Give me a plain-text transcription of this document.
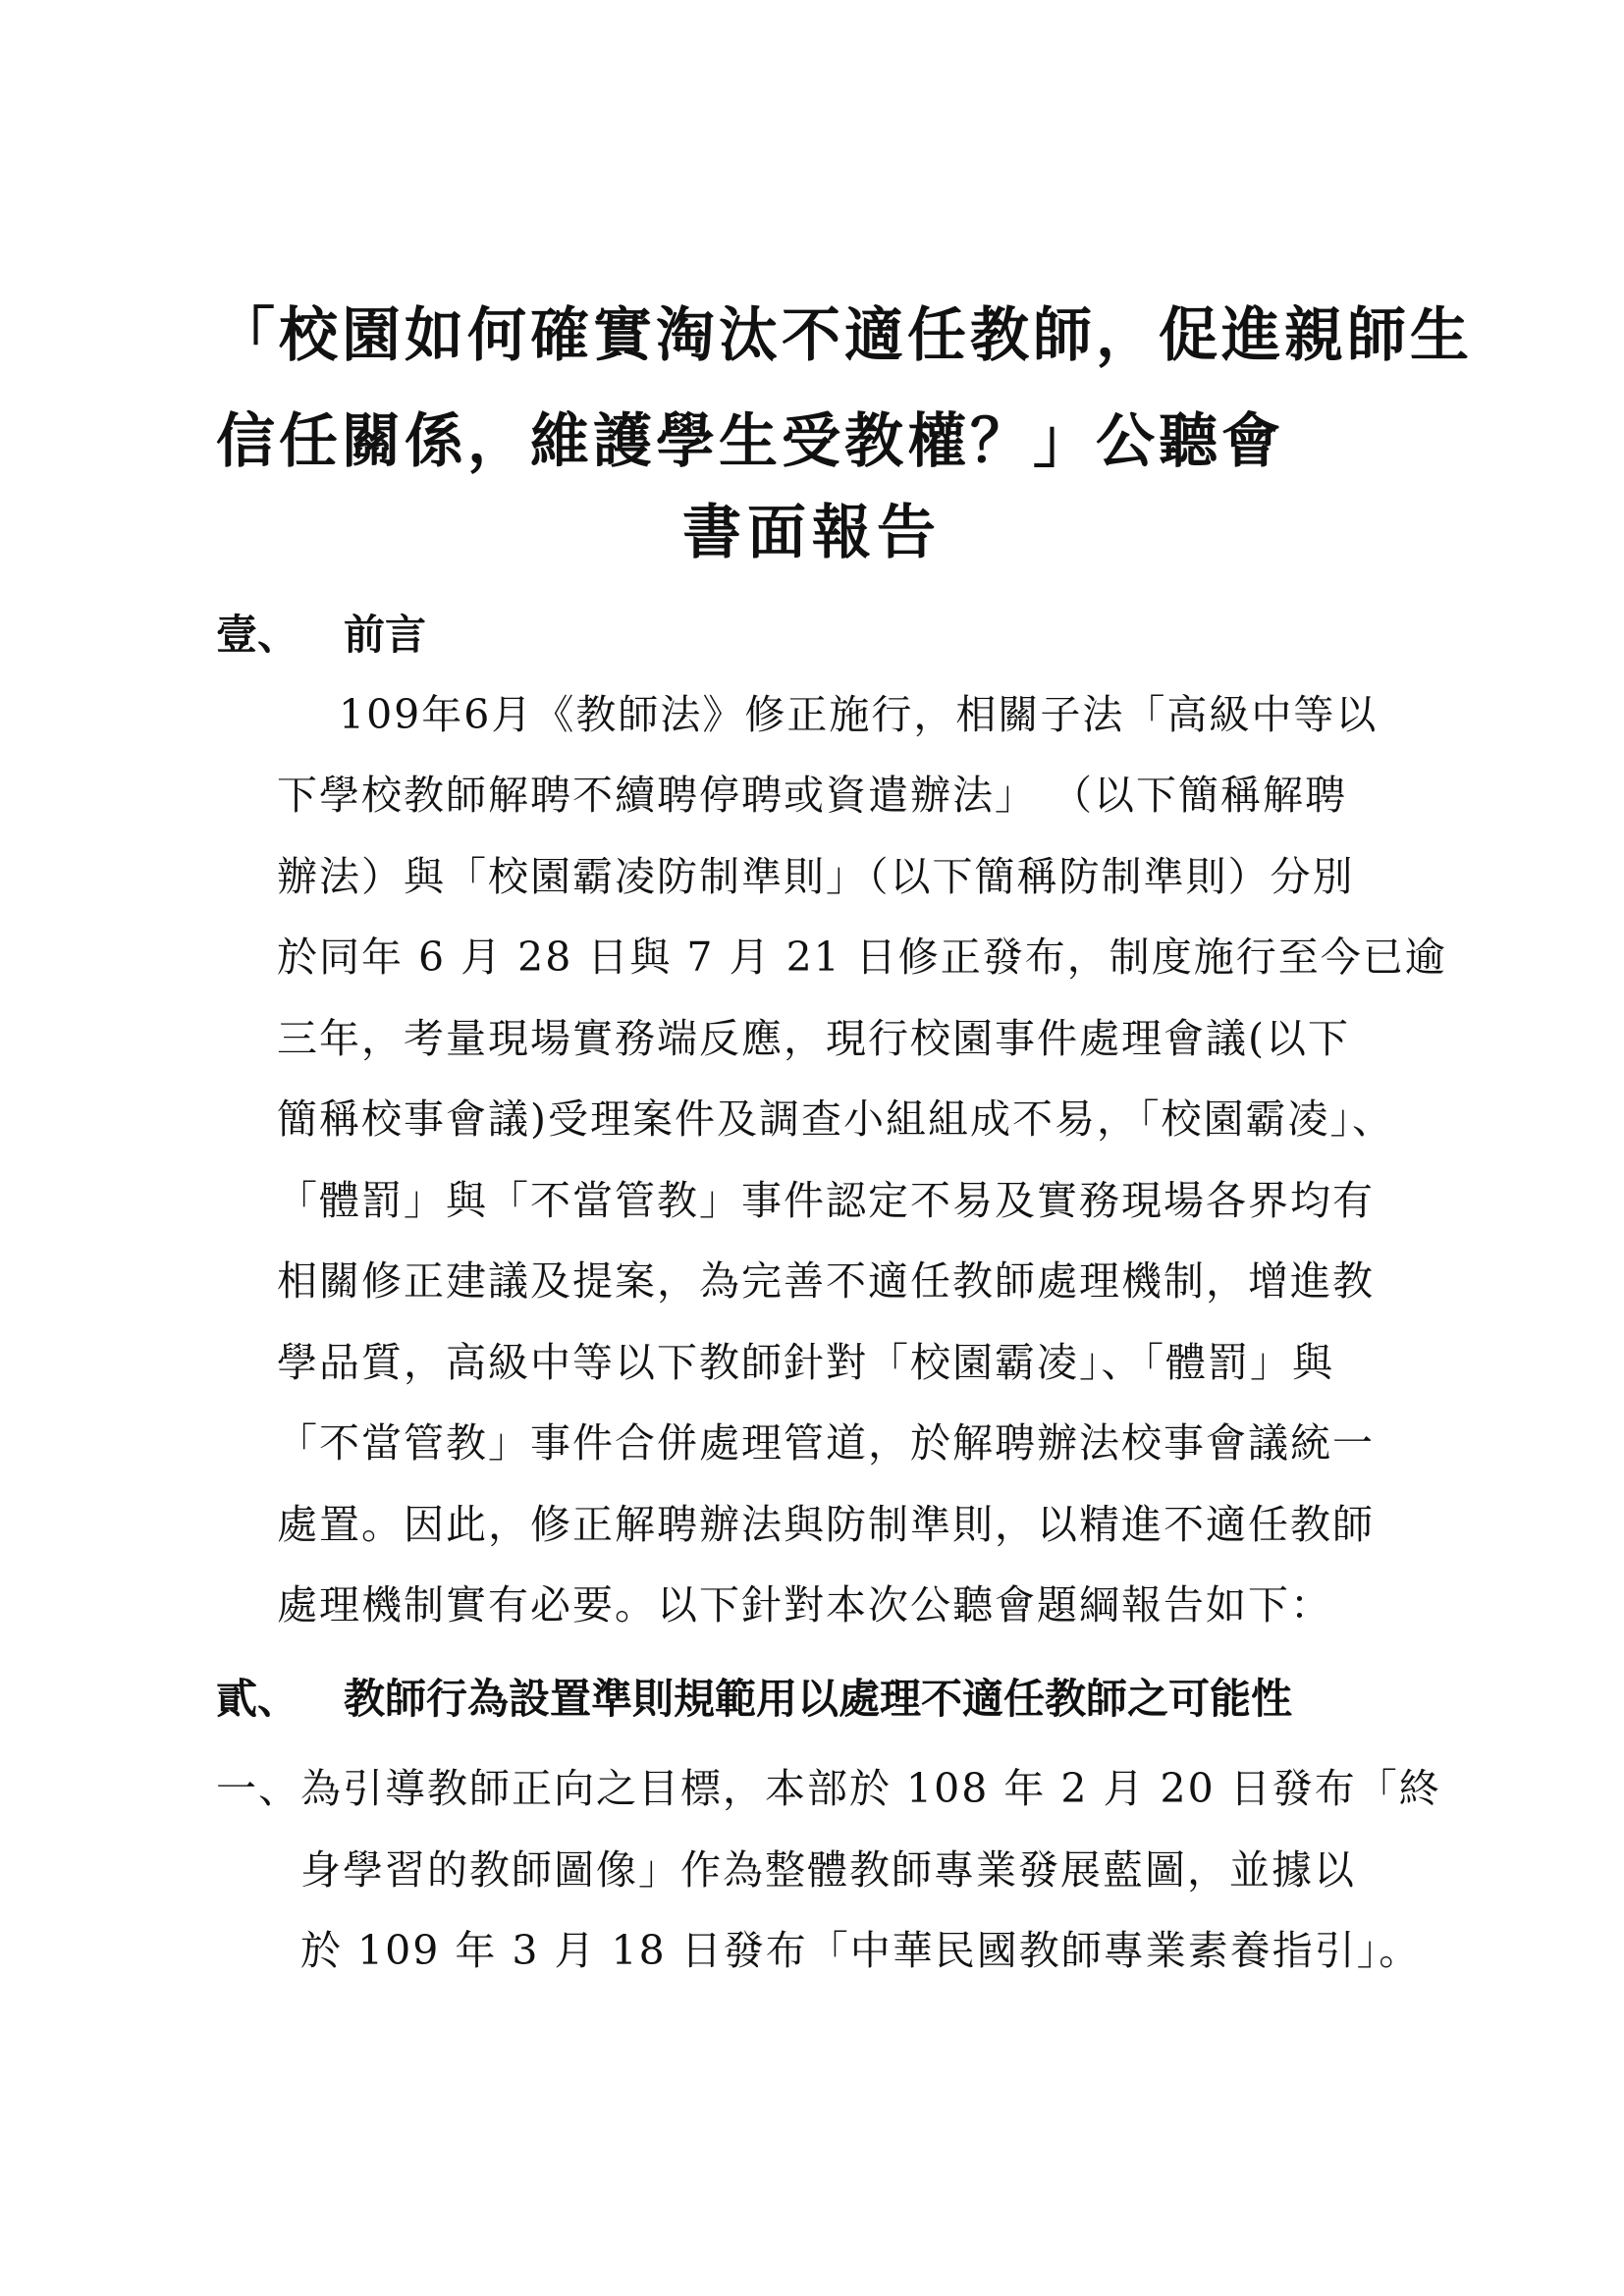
「校園如何確實淘汰不適任教師，促進親師生
信任關係，維護學生受教權？」公聽會
書面報告
壹、 前言
109年6月《教師法》修正施行，相關子法「高級中等以
下學校教師解聘不續聘停聘或資遣辦法」 （以下簡稱解聘
辦法）與「校園霸凌防制準則」（以下簡稱防制準則）分別
於同年 6 月 28 日與 7 月 21 日修正發布，制度施行至今已逾
三年，考量現場實務端反應，現行校園事件處理會議(以下
簡稱校事會議)受理案件及調查小組組成不易，「校園霸凌」、
「體罰」與「不當管教」事件認定不易及實務現場各界均有
相關修正建議及提案，為完善不適任教師處理機制，增進教
學品質，高級中等以下教師針對「校園霸凌」、「體罰」與
「不當管教」事件合併處理管道，於解聘辦法校事會議統一
處置。因此，修正解聘辦法與防制準則，以精進不適任教師
處理機制實有必要。以下針對本次公聽會題綱報告如下：
貳、 教師行為設置準則規範用以處理不適任教師之可能性
一、為引導教師正向之目標，本部於 108 年 2 月 20 日發布「終
身學習的教師圖像」作為整體教師專業發展藍圖，並據以
於 109 年 3 月 18 日發布「中華民國教師專業素養指引」。
